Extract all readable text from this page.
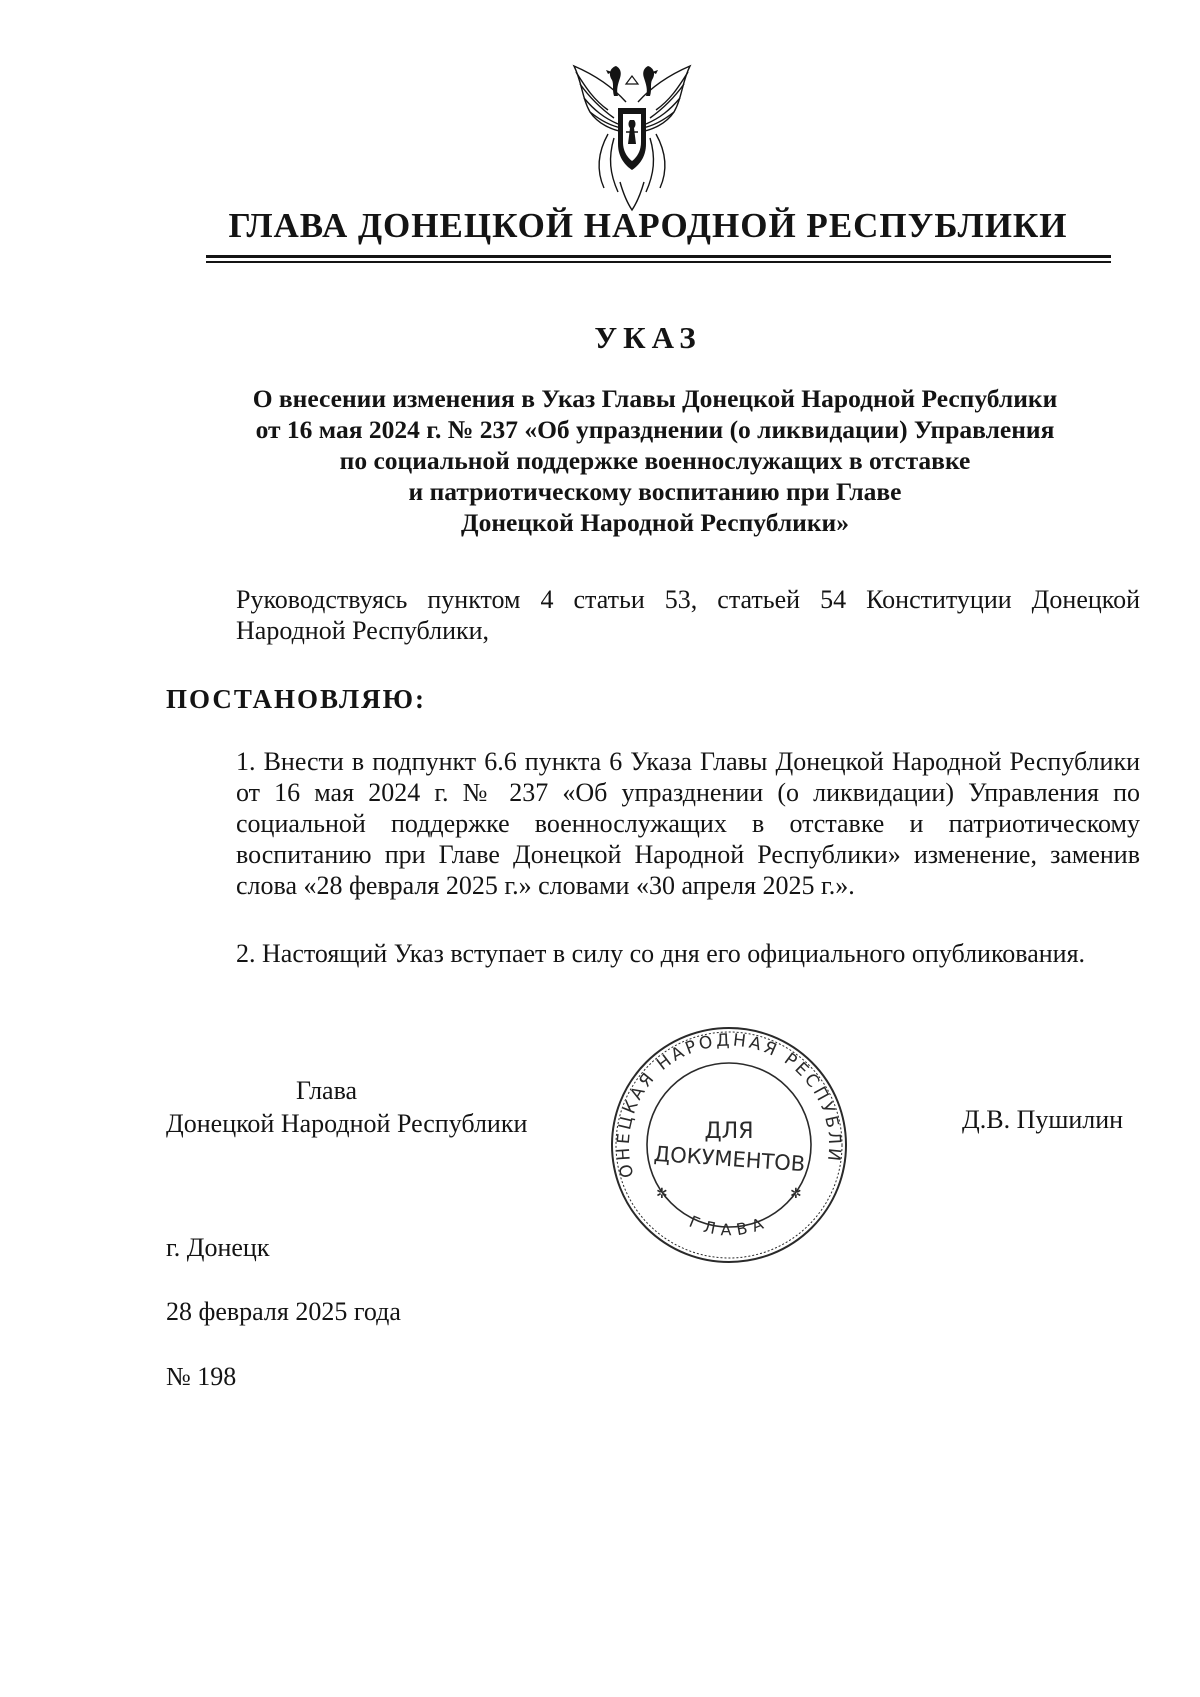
ГЛАВА ДОНЕЦКОЙ НАРОДНОЙ РЕСПУБЛИКИ
УКАЗ
О внесении изменения в Указ Главы Донецкой Народной Республики
от 16 мая 2024 г. № 237 «Об упразднении (о ликвидации) Управления
по социальной поддержке военнослужащих в отставке
и патриотическому воспитанию при Главе
Донецкой Народной Республики»
Руководствуясь пунктом 4 статьи 53, статьей 54 Конституции Донецкой Народной Республики,
ПОСТАНОВЛЯЮ:
1. Внести в подпункт 6.6 пункта 6 Указа Главы Донецкой Народной Республики от 16 мая 2024 г. № 237 «Об упразднении (о ликвидации) Управления по социальной поддержке военнослужащих в отставке и патриотическому воспитанию при Главе Донецкой Народной Республики» изменение, заменив слова «28 февраля 2025 г.» словами «30 апреля 2025 г.».
2. Настоящий Указ вступает в силу со дня его официального опубликования.
Глава
Донецкой Народной Республики
ОНЕЦКАЯ НАРОДНАЯ РЕСПУБЛИ
ГЛАВА
✲	✲
ДЛЯ
ДОКУМЕНТОВ
Д.В. Пушилин
г. Донецк
28 февраля 2025 года
№ 198
